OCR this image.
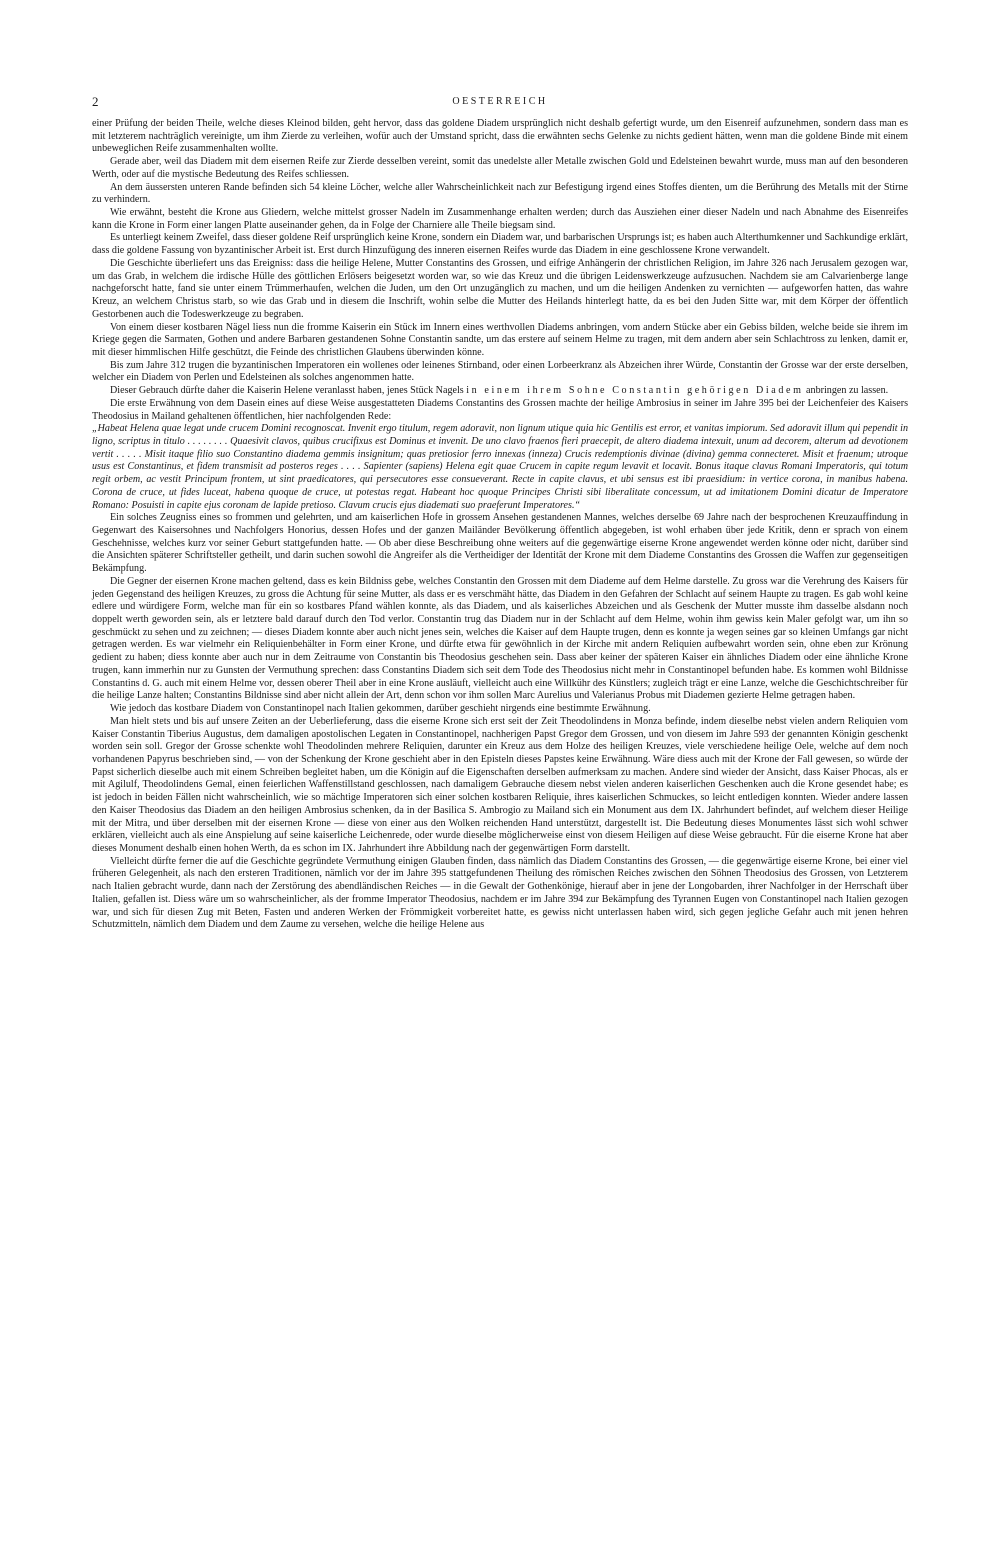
2	OESTERREICH

einer Prüfung der beiden Theile, welche dieses Kleinod bilden, geht hervor, dass das goldene Diadem ursprünglich nicht deshalb gefertigt wurde, um den Eisenreif aufzunehmen, sondern dass man es mit letzterem nachträglich vereinigte, um ihm Zierde zu verleihen, wofür auch der Umstand spricht, dass die erwähnten sechs Gelenke zu nichts gedient hätten, wenn man die goldene Binde mit einem unbeweglichen Reife zusammenhalten wollte.

Gerade aber, weil das Diadem mit dem eisernen Reife zur Zierde desselben vereint, somit das unedelste aller Metalle zwischen Gold und Edelsteinen bewahrt wurde, muss man auf den besonderen Werth, oder auf die mystische Bedeutung des Reifes schliessen.

An dem äussersten unteren Rande befinden sich 54 kleine Löcher, welche aller Wahrscheinlichkeit nach zur Befestigung irgend eines Stoffes dienten, um die Berührung des Metalls mit der Stirne zu verhindern.

Wie erwähnt, besteht die Krone aus Gliedern, welche mittelst grosser Nadeln im Zusammenhange erhalten werden; durch das Ausziehen einer dieser Nadeln und nach Abnahme des Eisenreifes kann die Krone in Form einer langen Platte auseinander gehen, da in Folge der Charniere alle Theile biegsam sind.

Es unterliegt keinem Zweifel, dass dieser goldene Reif ursprünglich keine Krone, sondern ein Diadem war, und barbarischen Ursprungs ist; es haben auch Alterthumkenner und Sachkundige erklärt, dass die goldene Fassung von byzantinischer Arbeit ist. Erst durch Hinzufügung des inneren eisernen Reifes wurde das Diadem in eine geschlossene Krone verwandelt.

Die Geschichte überliefert uns das Ereigniss: dass die heilige Helene, Mutter Constantins des Grossen, und eifrige Anhängerin der christlichen Religion, im Jahre 326 nach Jerusalem gezogen war, um das Grab, in welchem die irdische Hülle des göttlichen Erlösers beigesetzt worden war, so wie das Kreuz und die übrigen Leidenswerkzeuge aufzusuchen. Nachdem sie am Calvarienberge lange nachgeforscht hatte, fand sie unter einem Trümmerhaufen, welchen die Juden, um den Ort unzugänglich zu machen, und um die heiligen Andenken zu vernichten — aufgeworfen hatten, das wahre Kreuz, an welchem Christus starb, so wie das Grab und in diesem die Inschrift, wohin selbe die Mutter des Heilands hinterlegt hatte, da es bei den Juden Sitte war, mit dem Körper der öffentlich Gestorbenen auch die Todeswerkzeuge zu begraben.

Von einem dieser kostbaren Nägel liess nun die fromme Kaiserin ein Stück im Innern eines werthvollen Diadems anbringen, vom andern Stücke aber ein Gebiss bilden, welche beide sie ihrem im Kriege gegen die Sarmaten, Gothen und andere Barbaren gestandenen Sohne Constantin sandte, um das erstere auf seinem Helme zu tragen, mit dem andern aber sein Schlachtross zu lenken, damit er, mit dieser himmlischen Hilfe geschützt, die Feinde des christlichen Glaubens überwinden könne.

Bis zum Jahre 312 trugen die byzantinischen Imperatoren ein wollenes oder leinenes Stirnband, oder einen Lorbeerkranz als Abzeichen ihrer Würde, Constantin der Grosse war der erste derselben, welcher ein Diadem von Perlen und Edelsteinen als solches angenommen hatte.

Dieser Gebrauch dürfte daher die Kaiserin Helene veranlasst haben, jenes Stück Nagels in einem ihrem Sohne Constantin gehörigen Diadem anbringen zu lassen.

Die erste Erwähnung von dem Dasein eines auf diese Weise ausgestatteten Diadems Constantins des Grossen machte der heilige Ambrosius in seiner im Jahre 395 bei der Leichenfeier des Kaisers Theodosius in Mailand gehaltenen öffentlichen, hier nachfolgenden Rede:

„Habeat Helena quae legat unde crucem Domini recognoscat. Invenit ergo titulum, regem adoravit, non lignum utique quia hic Gentilis est error, et vanitas impiorum. Sed adoravit illum qui pependit in ligno, scriptus in titulo . . . . . . . . Quaesivit clavos, quibus crucifixus est Dominus et invenit. De uno clavo fraenos fieri praecepit, de altero diadema intexuit, unum ad decorem, alterum ad devotionem vertit . . . . . Misit itaque filio suo Constantino diadema gemmis insignitum; quas pretiosior ferro innexas (inneza) Crucis redemptionis divinae (divina) gemma connecteret. Misit et fraenum; utroque usus est Constantinus, et fidem transmisit ad posteros reges . . . . Sapienter (sapiens) Helena egit quae Crucem in capite regum levavit et locavit. Bonus itaque clavus Romani Imperatoris, qui totum regit orbem, ac vestit Principum frontem, ut sint praedicatores, qui persecutores esse consueverant. Recte in capite clavus, et ubi sensus est ibi praesidium: in vertice corona, in manibus habena. Corona de cruce, ut fides luceat, habena quoque de cruce, ut potestas regat. Habeant hoc quoque Principes Christi sibi liberalitate concessum, ut ad imitationem Domini dicatur de Imperatore Romano: Posuisti in capite ejus coronam de lapide pretioso. Clavum crucis ejus diademati suo praeferunt Imperatores.“

Ein solches Zeugniss eines so frommen und gelehrten, und am kaiserlichen Hofe in grossem Ansehen gestandenen Mannes, welches derselbe 69 Jahre nach der besprochenen Kreuzauffindung in Gegenwart des Kaisersohnes und Nachfolgers Honorius, dessen Hofes und der ganzen Mailänder Bevölkerung öffentlich abgegeben, ist wohl erhaben über jede Kritik, denn er sprach von einem Geschehnisse, welches kurz vor seiner Geburt stattgefunden hatte. — Ob aber diese Beschreibung ohne weiters auf die gegenwärtige eiserne Krone angewendet werden könne oder nicht, darüber sind die Ansichten späterer Schriftsteller getheilt, und darin suchen sowohl die Angreifer als die Vertheidiger der Identität der Krone mit dem Diademe Constantins des Grossen die Waffen zur gegenseitigen Bekämpfung.

Die Gegner der eisernen Krone machen geltend, dass es kein Bildniss gebe, welches Constantin den Grossen mit dem Diademe auf dem Helme darstelle. Zu gross war die Verehrung des Kaisers für jeden Gegenstand des heiligen Kreuzes, zu gross die Achtung für seine Mutter, als dass er es verschmäht hätte, das Diadem in den Gefahren der Schlacht auf seinem Haupte zu tragen. Es gab wohl keine edlere und würdigere Form, welche man für ein so kostbares Pfand wählen konnte, als das Diadem, und als kaiserliches Abzeichen und als Geschenk der Mutter musste ihm dasselbe alsdann noch doppelt werth geworden sein, als er letztere bald darauf durch den Tod verlor. Constantin trug das Diadem nur in der Schlacht auf dem Helme, wohin ihm gewiss kein Maler gefolgt war, um ihn so geschmückt zu sehen und zu zeichnen; — dieses Diadem konnte aber auch nicht jenes sein, welches die Kaiser auf dem Haupte trugen, denn es konnte ja wegen seines gar so kleinen Umfangs gar nicht getragen werden. Es war vielmehr ein Reliquienbehälter in Form einer Krone, und dürfte etwa für gewöhnlich in der Kirche mit andern Reliquien aufbewahrt worden sein, ohne eben zur Krönung gedient zu haben; diess konnte aber auch nur in dem Zeitraume von Constantin bis Theodosius geschehen sein. Dass aber keiner der späteren Kaiser ein ähnliches Diadem oder eine ähnliche Krone trugen, kann immerhin nur zu Gunsten der Vermuthung sprechen: dass Constantins Diadem sich seit dem Tode des Theodosius nicht mehr in Constantinopel befunden habe. Es kommen wohl Bildnisse Constantins d. G. auch mit einem Helme vor, dessen oberer Theil aber in eine Krone ausläuft, vielleicht auch eine Willkühr des Künstlers; zugleich trägt er eine Lanze, welche die Geschichtschreiber für die heilige Lanze halten; Constantins Bildnisse sind aber nicht allein der Art, denn schon vor ihm sollen Marc Aurelius und Valerianus Probus mit Diademen gezierte Helme getragen haben.

Wie jedoch das kostbare Diadem von Constantinopel nach Italien gekommen, darüber geschieht nirgends eine bestimmte Erwähnung.

Man hielt stets und bis auf unsere Zeiten an der Ueberlieferung, dass die eiserne Krone sich erst seit der Zeit Theodolindens in Monza befinde, indem dieselbe nebst vielen andern Reliquien vom Kaiser Constantin Tiberius Augustus, dem damaligen apostolischen Legaten in Constantinopel, nachherigen Papst Gregor dem Grossen, und von diesem im Jahre 593 der genannten Königin geschenkt worden sein soll. Gregor der Grosse schenkte wohl Theodolinden mehrere Reliquien, darunter ein Kreuz aus dem Holze des heiligen Kreuzes, viele verschiedene heilige Oele, welche auf dem noch vorhandenen Papyrus beschrieben sind, — von der Schenkung der Krone geschieht aber in den Episteln dieses Papstes keine Erwähnung. Wäre diess auch mit der Krone der Fall gewesen, so würde der Papst sicherlich dieselbe auch mit einem Schreiben begleitet haben, um die Königin auf die Eigenschaften derselben aufmerksam zu machen. Andere sind wieder der Ansicht, dass Kaiser Phocas, als er mit Agilulf, Theodolindens Gemal, einen feierlichen Waffenstillstand geschlossen, nach damaligem Gebrauche diesem nebst vielen anderen kaiserlichen Geschenken auch die Krone gesendet habe; es ist jedoch in beiden Fällen nicht wahrscheinlich, wie so mächtige Imperatoren sich einer solchen kostbaren Reliquie, ihres kaiserlichen Schmuckes, so leicht entledigen konnten. Wieder andere lassen den Kaiser Theodosius das Diadem an den heiligen Ambrosius schenken, da in der Basilica S. Ambrogio zu Mailand sich ein Monument aus dem IX. Jahrhundert befindet, auf welchem dieser Heilige mit der Mitra, und über derselben mit der eisernen Krone — diese von einer aus den Wolken reichenden Hand unterstützt, dargestellt ist. Die Bedeutung dieses Monumentes lässt sich wohl schwer erklären, vielleicht auch als eine Anspielung auf seine kaiserliche Leichenrede, oder wurde dieselbe möglicherweise einst von diesem Heiligen auf diese Weise gebraucht. Für die eiserne Krone hat aber dieses Monument deshalb einen hohen Werth, da es schon im IX. Jahrhundert ihre Abbildung nach der gegenwärtigen Form darstellt.

Vielleicht dürfte ferner die auf die Geschichte gegründete Vermuthung einigen Glauben finden, dass nämlich das Diadem Constantins des Grossen, — die gegenwärtige eiserne Krone, bei einer viel früheren Gelegenheit, als nach den ersteren Traditionen, nämlich vor der im Jahre 395 stattgefundenen Theilung des römischen Reiches zwischen den Söhnen Theodosius des Grossen, von Letzterem nach Italien gebracht wurde, dann nach der Zerstörung des abendländischen Reiches — in die Gewalt der Gothenkönige, hierauf aber in jene der Longobarden, ihrer Nachfolger in der Herrschaft über Italien, gefallen ist. Diess wäre um so wahrscheinlicher, als der fromme Imperator Theodosius, nachdem er im Jahre 394 zur Bekämpfung des Tyrannen Eugen von Constantinopel nach Italien gezogen war, und sich für diesen Zug mit Beten, Fasten und anderen Werken der Frömmigkeit vorbereitet hatte, es gewiss nicht unterlassen haben wird, sich gegen jegliche Gefahr auch mit jenen hehren Schutzmitteln, nämlich dem Diadem und dem Zaume zu versehen, welche die heilige Helene aus
